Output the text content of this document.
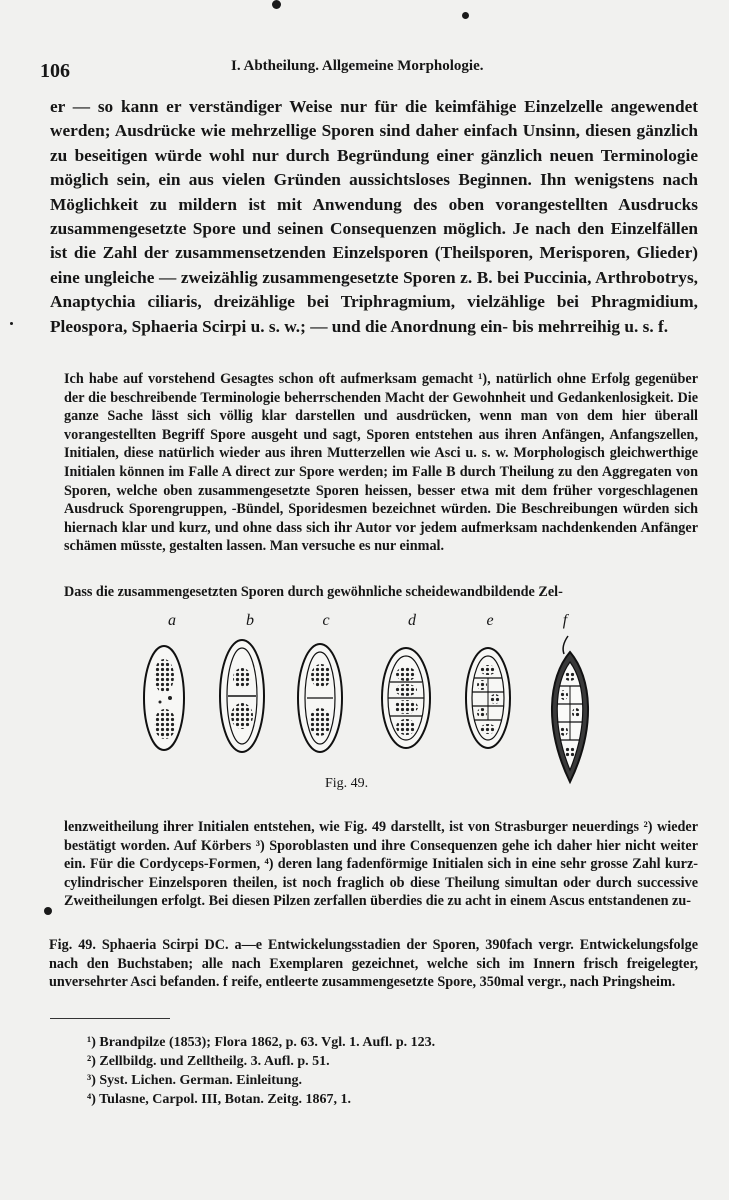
106	I. Abtheilung. Allgemeine Morphologie.

er — so kann er verständiger Weise nur für die keimfähige Einzelzelle angewendet werden; Ausdrücke wie mehrzellige Sporen sind daher einfach Unsinn, diesen gänzlich zu beseitigen würde wohl nur durch Begründung einer gänzlich neuen Terminologie möglich sein, ein aus vielen Gründen aussichtsloses Beginnen. Ihn wenigstens nach Möglichkeit zu mildern ist mit Anwendung des oben vorangestellten Ausdrucks zusammengesetzte Spore und seinen Consequenzen möglich. Je nach den Einzelfällen ist die Zahl der zusammensetzenden Einzelsporen (Theilsporen, Merisporen, Glieder) eine ungleiche — zweizählig zusammengesetzte Sporen z. B. bei Puccinia, Arthrobotrys, Anaptychia ciliaris, dreizählige bei Triphragmium, vielzählige bei Phragmidium, Pleospora, Sphaeria Scirpi u. s. w.; — und die Anordnung ein- bis mehrreihig u. s. f.

Ich habe auf vorstehend Gesagtes schon oft aufmerksam gemacht ¹), natürlich ohne Erfolg gegenüber der die beschreibende Terminologie beherrschenden Macht der Gewohnheit und Gedankenlosigkeit. Die ganze Sache lässt sich völlig klar darstellen und ausdrücken, wenn man von dem hier überall vorangestellten Begriff Spore ausgeht und sagt, Sporen entstehen aus ihren Anfängen, Anfangszellen, Initialen, diese natürlich wieder aus ihren Mutterzellen wie Asci u. s. w. Morphologisch gleichwerthige Initialen können im Falle A direct zur Spore werden; im Falle B durch Theilung zu den Aggregaten von Sporen, welche oben zusammengesetzte Sporen heissen, besser etwa mit dem früher vorgeschlagenen Ausdruck Sporengruppen, -Bündel, Sporidesmen bezeichnet würden. Die Beschreibungen würden sich hiernach klar und kurz, und ohne dass sich ihr Autor vor jedem aufmerksam nachdenkenden Anfänger schämen müsste, gestalten lassen. Man versuche es nur einmal.

Dass die zusammengesetzten Sporen durch gewöhnliche scheidewandbildende Zel-

a	b	c	d	e	f
Fig. 49.

lenzweitheilung ihrer Initialen entstehen, wie Fig. 49 darstellt, ist von Strasburger neuerdings ²) wieder bestätigt worden. Auf Körbers ³) Sporoblasten und ihre Consequenzen gehe ich daher hier nicht weiter ein. Für die Cordyceps-Formen, ⁴) deren lang fadenförmige Initialen sich in eine sehr grosse Zahl kurz-cylindrischer Einzelsporen theilen, ist noch fraglich ob diese Theilung simultan oder durch successive Zweitheilungen erfolgt. Bei diesen Pilzen zerfallen überdies die zu acht in einem Ascus entstandenen zu-

Fig. 49. Sphaeria Scirpi DC. a—e Entwickelungsstadien der Sporen, 390fach vergr. Entwickelungsfolge nach den Buchstaben; alle nach Exemplaren gezeichnet, welche sich im Innern frisch freigelegter, unversehrter Asci befanden. f reife, entleerte zusammengesetzte Spore, 350mal vergr., nach Pringsheim.

¹) Brandpilze (1853); Flora 1862, p. 63. Vgl. 1. Aufl. p. 123.
²) Zellbildg. und Zelltheilg. 3. Aufl. p. 51.
³) Syst. Lichen. German. Einleitung.
⁴) Tulasne, Carpol. III, Botan. Zeitg. 1867, 1.
